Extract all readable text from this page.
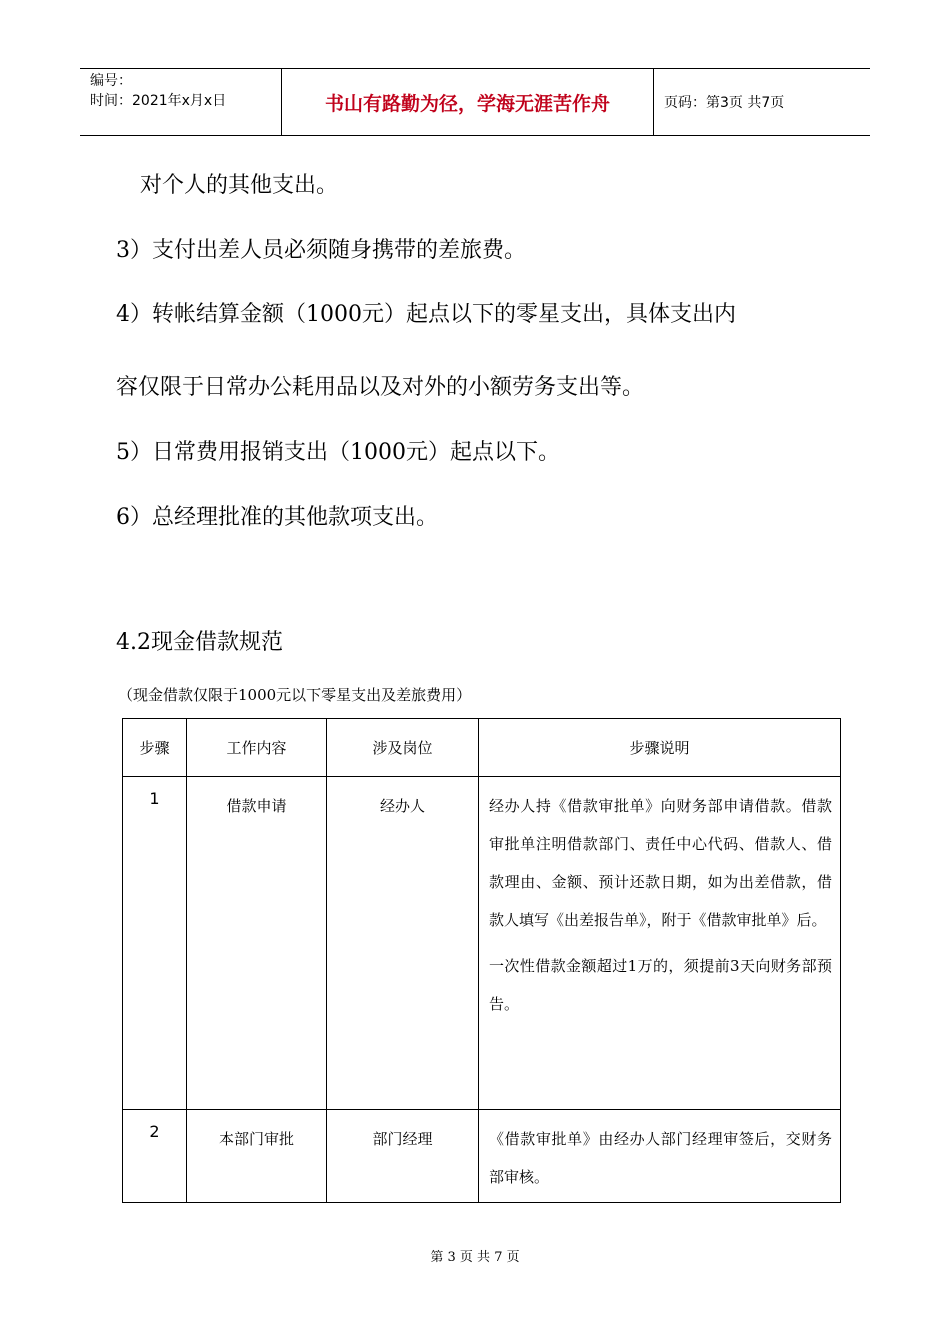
编号：
时间：2021年x月x日	书山有路勤为径，学海无涯苦作舟	页码：第3页 共7页
对个人的其他支出。
3）支付出差人员必须随身携带的差旅费。
4）转帐结算金额（1000元）起点以下的零星支出，具体支出内
容仅限于日常办公耗用品以及对外的小额劳务支出等。
5）日常费用报销支出（1000元）起点以下。
6）总经理批准的其他款项支出。
4.2现金借款规范
（现金借款仅限于1000元以下零星支出及差旅费用）
步骤	工作内容	涉及岗位	步骤说明
1	借款申请	经办人	经办人持《借款审批单》向财务部申请借款。借款审批单注明借款部门、责任中心代码、借款人、借款理由、金额、预计还款日期，如为出差借款，借款人填写《出差报告单》，附于《借款审批单》后。

一次性借款金额超过1万的，须提前3天向财务部预告。

2	本部门审批	部门经理	《借款审批单》由经办人部门经理审签后，交财务部审核。

第 3 页 共 7 页
